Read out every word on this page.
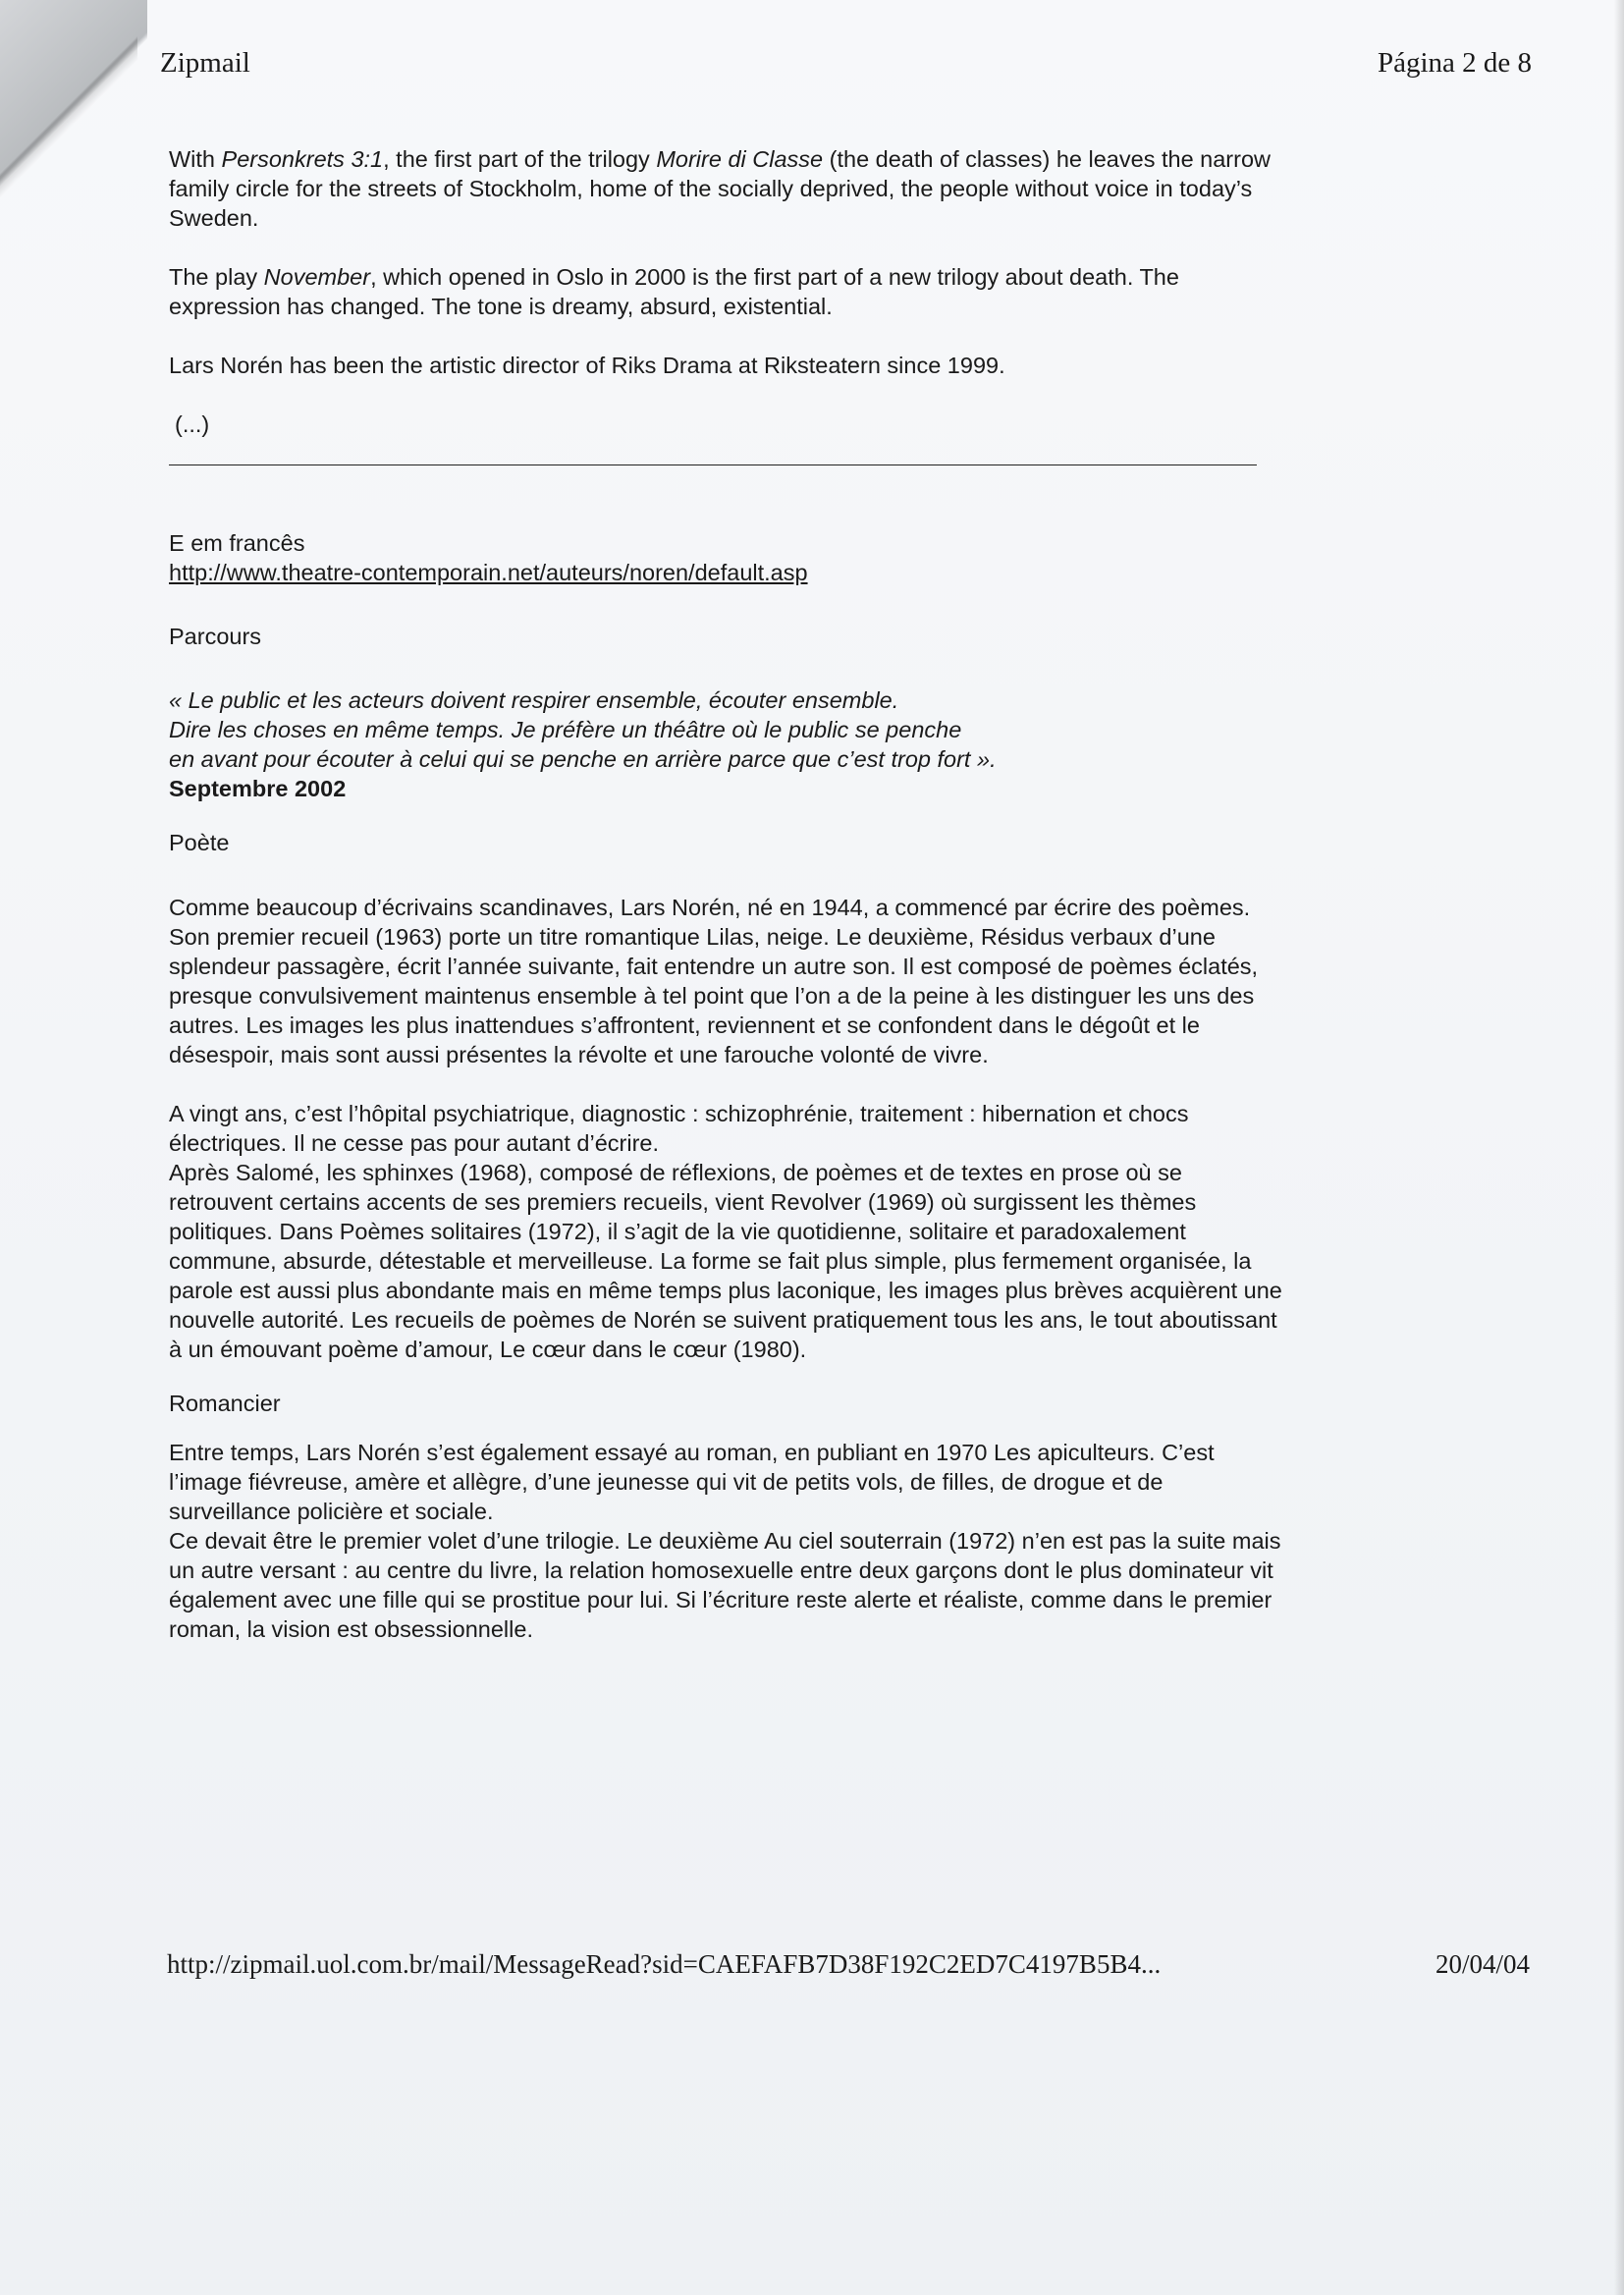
Zipmail	Página 2 de 8

With Personkrets 3:1, the first part of the trilogy Morire di Classe (the death of classes) he leaves the narrow family circle for the streets of Stockholm, home of the socially deprived, the people without voice in today’s Sweden.

The play November, which opened in Oslo in 2000 is the first part of a new trilogy about death. The expression has changed. The tone is dreamy, absurd, existential.

Lars Norén has been the artistic director of Riks Drama at Riksteatern since 1999.

(...)

E em francês

http://www.theatre-contemporain.net/auteurs/noren/default.asp

Parcours

« Le public et les acteurs doivent respirer ensemble, écouter ensemble.

Dire les choses en même temps. Je préfère un théâtre où le public se penche

en avant pour écouter à celui qui se penche en arrière parce que c’est trop fort ».

Septembre 2002

Poète

Comme beaucoup d’écrivains scandinaves, Lars Norén, né en 1944, a commencé par écrire des poèmes. Son premier recueil (1963) porte un titre romantique Lilas, neige. Le deuxième, Résidus verbaux d’une splendeur passagère, écrit l’année suivante, fait entendre un autre son. Il est composé de poèmes éclatés, presque convulsivement maintenus ensemble à tel point que l’on a de la peine à les distinguer les uns des autres. Les images les plus inattendues s’affrontent, reviennent et se confondent dans le dégoût et le désespoir, mais sont aussi présentes la révolte et une farouche volonté de vivre.

A vingt ans, c’est l’hôpital psychiatrique, diagnostic : schizophrénie, traitement : hibernation et chocs électriques. Il ne cesse pas pour autant d’écrire.

Après Salomé, les sphinxes (1968), composé de réflexions, de poèmes et de textes en prose où se retrouvent certains accents de ses premiers recueils, vient Revolver (1969) où surgissent les thèmes politiques. Dans Poèmes solitaires (1972), il s’agit de la vie quotidienne, solitaire et paradoxalement commune, absurde, détestable et merveilleuse. La forme se fait plus simple, plus fermement organisée, la parole est aussi plus abondante mais en même temps plus laconique, les images plus brèves acquièrent une nouvelle autorité. Les recueils de poèmes de Norén se suivent pratiquement tous les ans, le tout aboutissant à un émouvant poème d’amour, Le cœur dans le cœur (1980).

Romancier

Entre temps, Lars Norén s’est également essayé au roman, en publiant en 1970 Les apiculteurs. C’est l’image fiévreuse, amère et allègre, d’une jeunesse qui vit de petits vols, de filles, de drogue et de surveillance policière et sociale.

Ce devait être le premier volet d’une trilogie. Le deuxième Au ciel souterrain (1972) n’en est pas la suite mais un autre versant : au centre du livre, la relation homosexuelle entre deux garçons dont le plus dominateur vit également avec une fille qui se prostitue pour lui. Si l’écriture reste alerte et réaliste, comme dans le premier roman, la vision est obsessionnelle.

http://zipmail.uol.com.br/mail/MessageRead?sid=CAEFAFB7D38F192C2ED7C4197B5B4...	20/04/04
